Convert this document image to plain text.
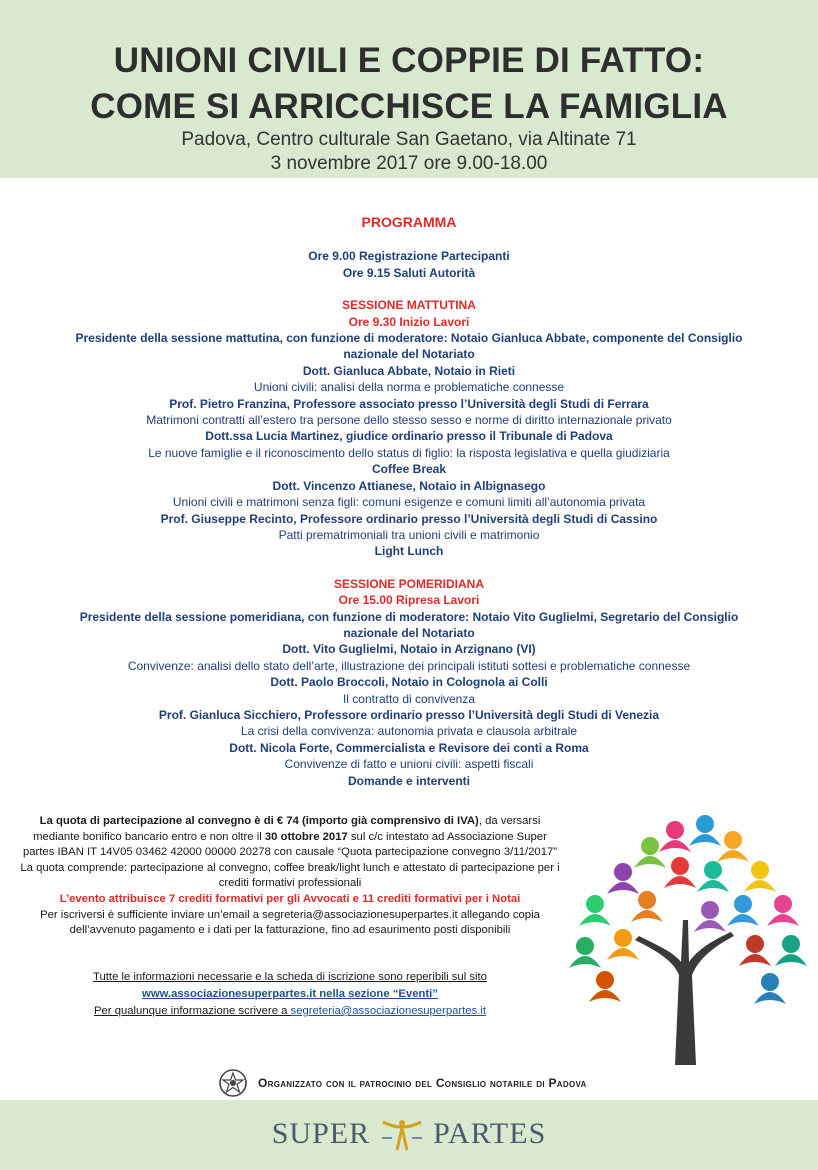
UNIONI CIVILI E COPPIE DI FATTO:
COME SI ARRICCHISCE LA FAMIGLIA
Padova, Centro culturale San Gaetano, via Altinate 71
3 novembre 2017 ore 9.00-18.00

PROGRAMMA

Ore 9.00 Registrazione Partecipanti

Ore 9.15 Saluti Autorità

SESSIONE MATTUTINA

Ore 9.30 Inizio Lavori

Presidente della sessione mattutina, con funzione di moderatore: Notaio Gianluca Abbate, componente del Consiglio nazionale del Notariato

Dott. Gianluca Abbate, Notaio in Rieti

Unioni civili: analisi della norma e problematiche connesse

Prof. Pietro Franzina, Professore associato presso l’Università degli Studi di Ferrara

Matrimoni contratti all’estero tra persone dello stesso sesso e norme di diritto internazionale privato

Dott.ssa Lucia Martinez, giudice ordinario presso il Tribunale di Padova

Le nuove famiglie e il riconoscimento dello status di figlio: la risposta legislativa e quella giudiziaria

Coffee Break

Dott. Vincenzo Attianese, Notaio in Albignasego

Unioni civili e matrimoni senza figli: comuni esigenze e comuni limiti all’autonomia privata

Prof. Giuseppe Recinto, Professore ordinario presso l’Università degli Studi di Cassino

Patti prematrimoniali tra unioni civili e matrimonio

Light Lunch

SESSIONE POMERIDIANA

Ore 15.00 Ripresa Lavori

Presidente della sessione pomeridiana, con funzione di moderatore: Notaio Vito Guglielmi, Segretario del Consiglio nazionale del Notariato

Dott. Vito Guglielmi, Notaio in Arzignano (VI)

Convivenze: analisi dello stato dell’arte, illustrazione dei principali istituti sottesi e problematiche connesse

Dott. Paolo Broccoli, Notaio in Colognola ai Colli

Il contratto di convivenza

Prof. Gianluca Sicchiero, Professore ordinario presso l’Università degli Studi di Venezia

La crisi della convivenza: autonomia privata e clausola arbitrale

Dott. Nicola Forte, Commercialista e Revisore dei conti a Roma

Convivenze di fatto e unioni civili: aspetti fiscali

Domande e interventi

La quota di partecipazione al convegno è di € 74 (importo già comprensivo di IVA), da versarsi mediante bonifico bancario entro e non oltre il 30 ottobre 2017 sul c/c intestato ad Associazione Super partes IBAN IT 14V05 03462 42000 00000 20278 con causale “Quota partecipazione convegno 3/11/2017”

La quota comprende: partecipazione al convegno, coffee break/light lunch e attestato di partecipazione per i crediti formativi professionali

L’evento attribuisce 7 crediti formativi per gli Avvocati e 11 crediti formativi per i Notai

Per iscriversi è sufficiente inviare un’email a segreteria@associazionesuperpartes.it allegando copia dell’avvenuto pagamento e i dati per la fatturazione, fino ad esaurimento posti disponibili

Tutte le informazioni necessarie e la scheda di iscrizione sono reperibili sul sito

www.associazionesuperpartes.it nella sezione “Eventi”

Per qualunque informazione scrivere a segreteria@associazionesuperpartes.it

Organizzato con il patrocinio del Consiglio notarile di Padova
SUPER PARTES
